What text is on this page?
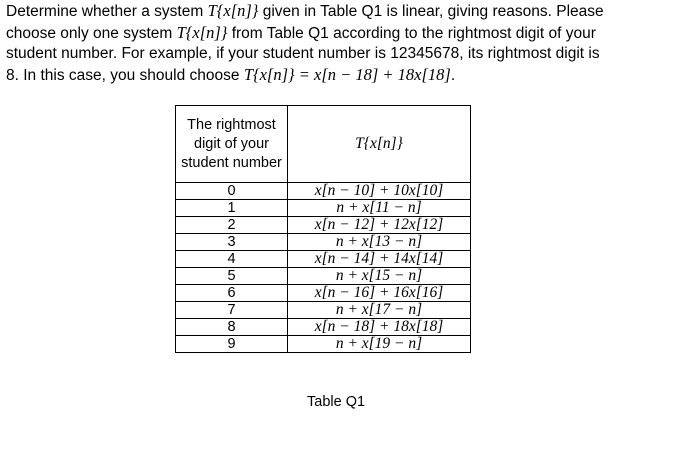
Determine whether a system T{x[n]} given in Table Q1 is linear, giving reasons. Please
choose only one system T{x[n]} from Table Q1 according to the rightmost digit of your
student number. For example, if your student number is 12345678, its rightmost digit is
8. In this case, you should choose T{x[n]} = x[n − 18] + 18x[18].
The rightmost digit of your student number	T{x[n]}
0	x[n − 10] + 10x[10]
1	n + x[11 − n]
2	x[n − 12] + 12x[12]
3	n + x[13 − n]
4	x[n − 14] + 14x[14]
5	n + x[15 − n]
6	x[n − 16] + 16x[16]
7	n + x[17 − n]
8	x[n − 18] + 18x[18]
9	n + x[19 − n]
Table Q1
